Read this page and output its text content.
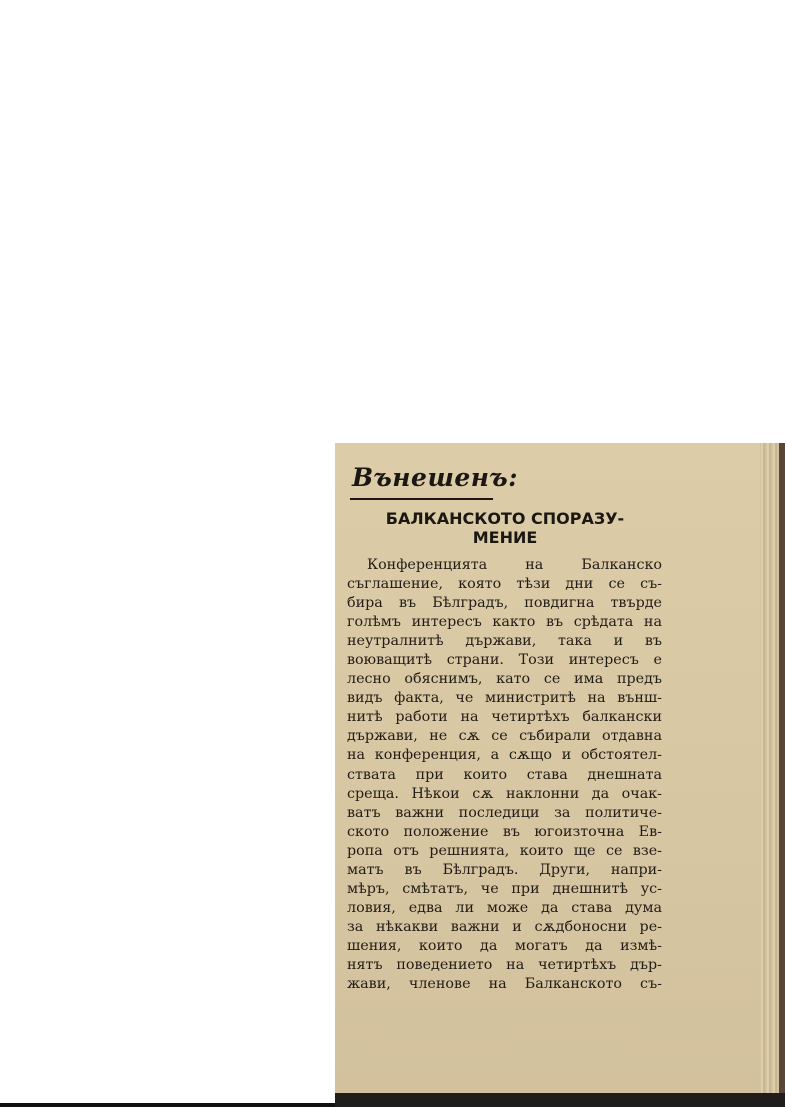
Вънешенъ:
БАЛКАНСКОТО СПОРАЗУ-
МЕНИЕ
Конференцията на Балканско
съглашение, която тѣзи дни се съ-
бира въ Бѣлградъ, повдигна твърде
голѣмъ интересъ както въ срѣдата на
неутралнитѣ държави, така и въ
воюващитѣ страни. Този интересъ е
лесно обяснимъ, като се има предъ
видъ факта, че министритѣ на външ-
нитѣ работи на четиртѣхъ балкански
държави, не сѫ се събирали отдавна
на конференция, а сѫщо и обстоятел-
ствата при които става днешната
среща. Нѣкои сѫ наклонни да очак-
ватъ важни последици за политиче-
ското положение въ югоизточна Ев-
ропа отъ решнията, които ще се взе-
матъ въ Бѣлградъ. Други, напри-
мѣръ, смѣтатъ, че при днешнитѣ ус-
ловия, едва ли може да става дума
за нѣкакви важни и сѫдбоносни ре-
шения, които да могатъ да измѣ-
нятъ поведението на четиртѣхъ дър-
жави, членове на Балканското съ-
